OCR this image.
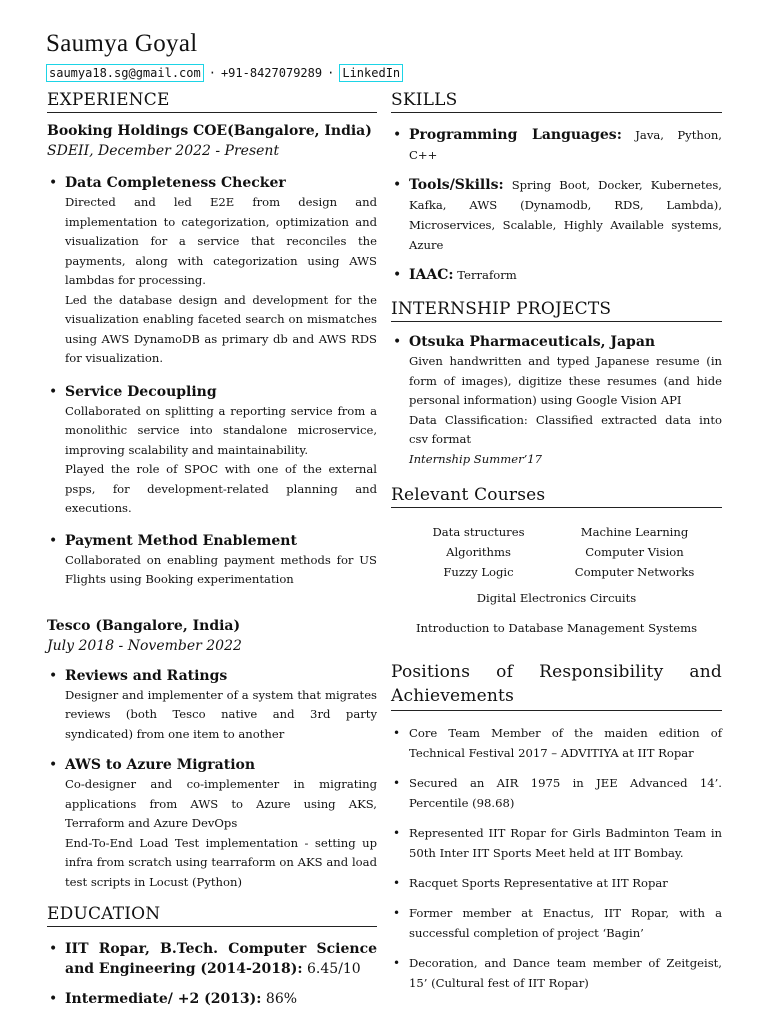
Saumya Goyal
saumya18.sg@gmail.com · +91-8427079289 · LinkedIn
EXPERIENCE
Booking Holdings COE(Bangalore, India)
SDEII, December 2022 - Present
• Data Completeness Checker
Directed and led E2E from design and implementation to categorization, optimization and visualization for a service that reconciles the payments, along with categorization using AWS lambdas for processing.
Led the database design and development for the visualization enabling faceted search on mismatches using AWS DynamoDB as primary db and AWS RDS for visualization.
• Service Decoupling
Collaborated on splitting a reporting service from a monolithic service into standalone microservice, improving scalability and maintainability.
Played the role of SPOC with one of the external psps, for development-related planning and executions.
• Payment Method Enablement
Collaborated on enabling payment methods for US Flights using Booking experimentation
Tesco (Bangalore, India)
July 2018 - November 2022
• Reviews and Ratings
Designer and implementer of a system that migrates reviews (both Tesco native and 3rd party syndicated) from one item to another
• AWS to Azure Migration
Co-designer and co-implementer in migrating applications from AWS to Azure using AKS, Terraform and Azure DevOps
End-To-End Load Test implementation - setting up infra from scratch using tearraform on AKS and load test scripts in Locust (Python)
EDUCATION
• IIT Ropar, B.Tech. Computer Science and Engineering (2014-2018): 6.45/10
• Intermediate/ +2 (2013): 86%
SKILLS
• Programming Languages: Java, Python, C++
• Tools/Skills: Spring Boot, Docker, Kubernetes, Kafka, AWS (Dynamodb, RDS, Lambda), Microservices, Scalable, Highly Available systems, Azure
• IAAC: Terraform
INTERNSHIP PROJECTS
• Otsuka Pharmaceuticals, Japan
Given handwritten and typed Japanese resume (in form of images), digitize these resumes (and hide personal information) using Google Vision API
Data Classification: Classified extracted data into csv format
Internship Summer’17
Relevant Courses
Data structures	Machine Learning
Algorithms	Computer Vision
Fuzzy Logic	Computer Networks
Digital Electronics Circuits
Introduction to Database Management Systems
Positions of Responsibility and Achievements
• Core Team Member of the maiden edition of Technical Festival 2017 – ADVITIYA at IIT Ropar
• Secured an AIR 1975 in JEE Advanced 14’. Percentile (98.68)
• Represented IIT Ropar for Girls Badminton Team in 50th Inter IIT Sports Meet held at IIT Bombay.
• Racquet Sports Representative at IIT Ropar
• Former member at Enactus, IIT Ropar, with a successful completion of project ‘Bagin’
• Decoration, and Dance team member of Zeitgeist, 15’ (Cultural fest of IIT Ropar)
